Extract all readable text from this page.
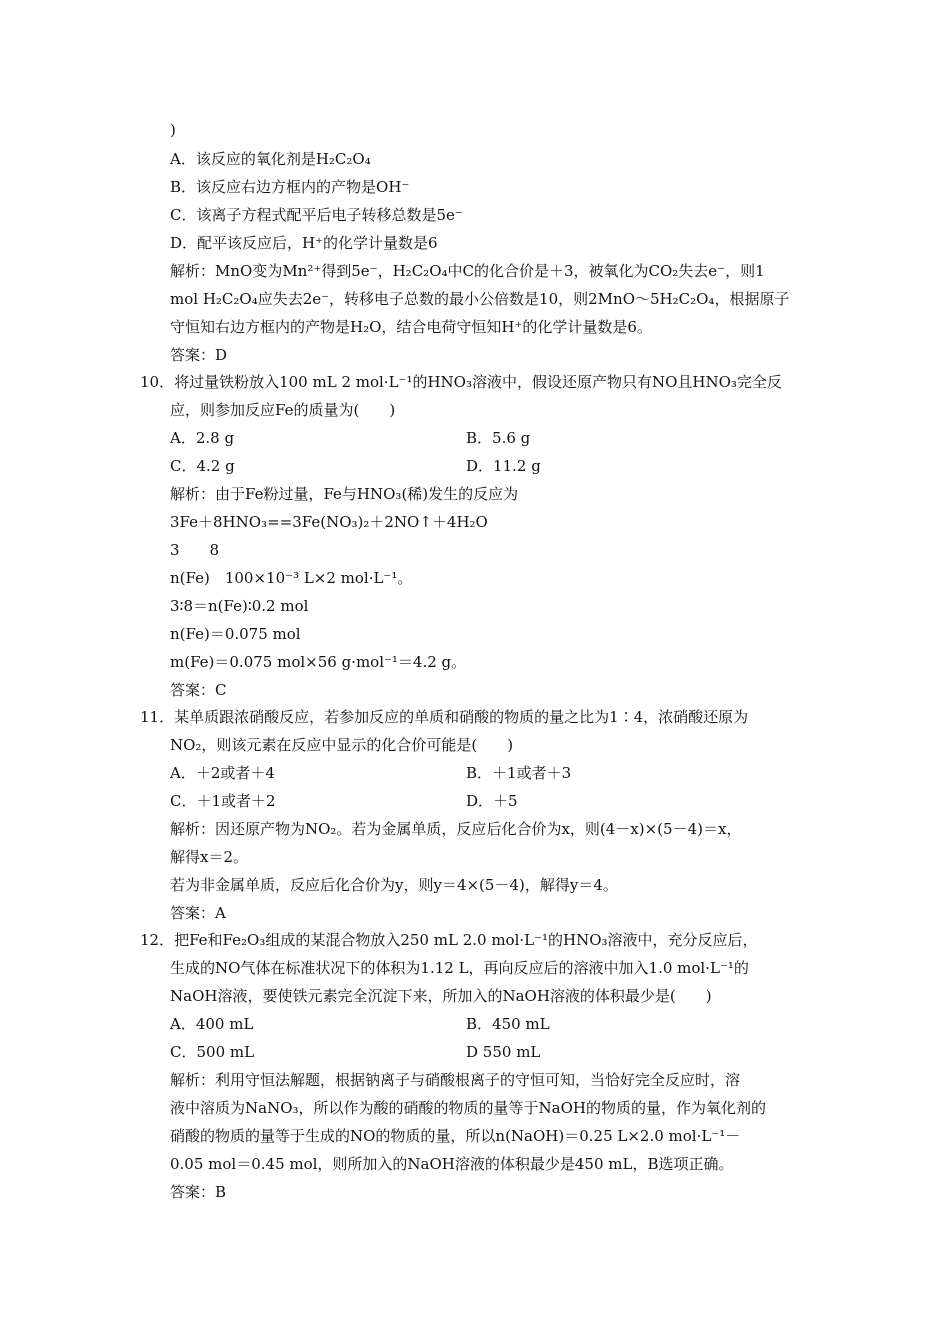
)
A．该反应的氧化剂是H₂C₂O₄
B．该反应右边方框内的产物是OH⁻
C．该离子方程式配平后电子转移总数是5e⁻
D．配平该反应后，H⁺的化学计量数是6
解析：MnO变为Mn²⁺得到5e⁻，H₂C₂O₄中C的化合价是＋3，被氧化为CO₂失去e⁻，则1
mol H₂C₂O₄应失去2e⁻，转移电子总数的最小公倍数是10，则2MnO～5H₂C₂O₄，根据原子
守恒知右边方框内的产物是H₂O，结合电荷守恒知H⁺的化学计量数是6。
答案：D
10．将过量铁粉放入100 mL 2 mol·L⁻¹的HNO₃溶液中，假设还原产物只有NO且HNO₃完全反
应，则参加反应Fe的质量为(　　)
A．2.8 g	B．5.6 g
C．4.2 g	D．11.2 g
解析：由于Fe粉过量，Fe与HNO₃(稀)发生的反应为
3Fe＋8HNO₃==3Fe(NO₃)₂＋2NO↑＋4H₂O
3　　8
n(Fe)　100×10⁻³ L×2 mol·L⁻¹。
3∶8＝n(Fe)∶0.2 mol
n(Fe)＝0.075 mol
m(Fe)＝0.075 mol×56 g·mol⁻¹＝4.2 g。
答案：C
11．某单质跟浓硝酸反应，若参加反应的单质和硝酸的物质的量之比为1∶4，浓硝酸还原为
NO₂，则该元素在反应中显示的化合价可能是(　　)
A．＋2或者＋4	B．＋1或者＋3
C．＋1或者＋2	D．＋5
解析：因还原产物为NO₂。若为金属单质，反应后化合价为x，则(4－x)×(5－4)＝x，
解得x＝2。
若为非金属单质，反应后化合价为y，则y＝4×(5－4)，解得y＝4。
答案：A
12．把Fe和Fe₂O₃组成的某混合物放入250 mL 2.0 mol·L⁻¹的HNO₃溶液中，充分反应后，
生成的NO气体在标准状况下的体积为1.12 L，再向反应后的溶液中加入1.0 mol·L⁻¹的
NaOH溶液，要使铁元素完全沉淀下来，所加入的NaOH溶液的体积最少是(　　)
A．400 mL	B．450 mL
C．500 mL	D 550 mL
解析：利用守恒法解题，根据钠离子与硝酸根离子的守恒可知，当恰好完全反应时，溶
液中溶质为NaNO₃，所以作为酸的硝酸的物质的量等于NaOH的物质的量，作为氧化剂的
硝酸的物质的量等于生成的NO的物质的量，所以n(NaOH)＝0.25 L×2.0 mol·L⁻¹－
0.05 mol＝0.45 mol，则所加入的NaOH溶液的体积最少是450 mL，B选项正确。
答案：B
